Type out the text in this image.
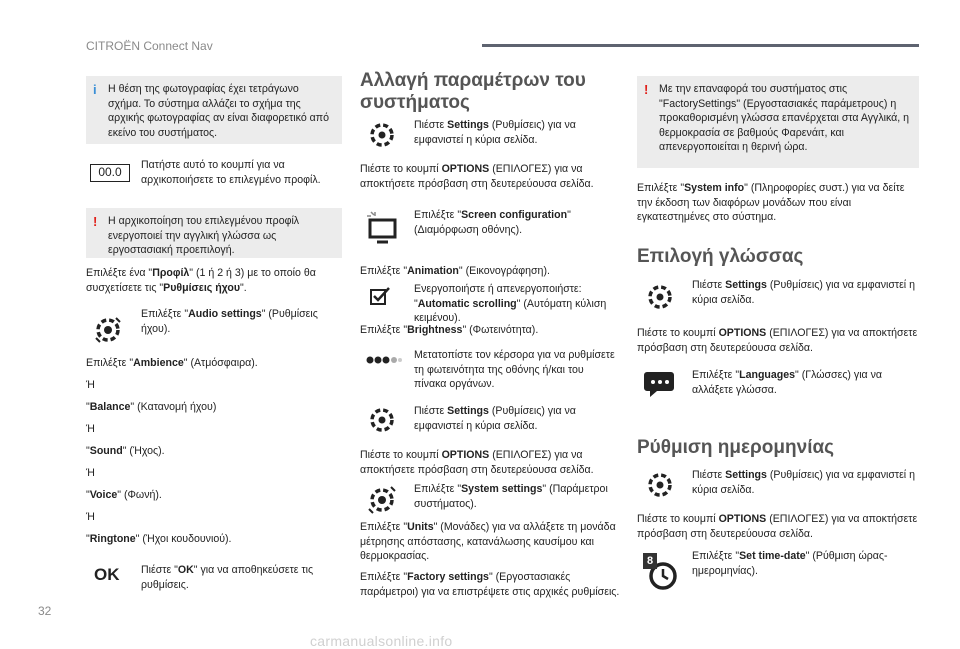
CITROËN Connect Nav
32
carmanualsonline.info
i Η θέση της φωτογραφίας έχει τετράγωνο σχήμα. Το σύστημα αλλάζει το σχήμα της αρχικής φωτογραφίας αν είναι διαφορετικό από εκείνο του συστήματος.
00.0	Πατήστε αυτό το κουμπί για να αρχικοποιήσετε το επιλεγμένο προφίλ.
! Η αρχικοποίηση του επιλεγμένου προφίλ ενεργοποιεί την αγγλική γλώσσα ως εργοστασιακή προεπιλογή.
Επιλέξτε ένα "Προφίλ" (1 ή 2 ή 3) με το οποίο θα συσχετίσετε τις "Ρυθμίσεις ήχου".
Επιλέξτε "Audio settings" (Ρυθμίσεις ήχου).
Επιλέξτε "Ambience" (Ατμόσφαιρα).
Ή
"Balance" (Κατανομή ήχου)
Ή
"Sound" (Ήχος).
Ή
"Voice" (Φωνή).
Ή
"Ringtone" (Ήχοι κουδουνιού).
OK Πιέστε "OK" για να αποθηκεύσετε τις ρυθμίσεις.
Αλλαγή παραμέτρων του συστήματος
Πιέστε Settings (Ρυθμίσεις) για να εμφανιστεί η κύρια σελίδα.
Πιέστε το κουμπί OPTIONS (ΕΠΙΛΟΓΕΣ) για να αποκτήσετε πρόσβαση στη δευτερεύουσα σελίδα.
Επιλέξτε "Screen configuration" (Διαμόρφωση οθόνης).
Επιλέξτε "Animation" (Εικονογράφηση).
Ενεργοποιήστε ή απενεργοποιήστε: "Automatic scrolling" (Αυτόματη κύλιση κειμένου).
Επιλέξτε "Brightness" (Φωτεινότητα).
Μετατοπίστε τον κέρσορα για να ρυθμίσετε τη φωτεινότητα της οθόνης ή/και του πίνακα οργάνων.
Πιέστε Settings (Ρυθμίσεις) για να εμφανιστεί η κύρια σελίδα.
Πιέστε το κουμπί OPTIONS (ΕΠΙΛΟΓΕΣ) για να αποκτήσετε πρόσβαση στη δευτερεύουσα σελίδα.
Επιλέξτε "System settings" (Παράμετροι συστήματος).
Επιλέξτε "Units" (Μονάδες) για να αλλάξετε τη μονάδα μέτρησης απόστασης, κατανάλωσης καυσίμου και θερμοκρασίας.
Επιλέξτε "Factory settings" (Εργοστασιακές παράμετροι) για να επιστρέψετε στις αρχικές ρυθμίσεις.
! Με την επαναφορά του συστήματος στις "FactorySettings" (Εργοστασιακές παράμετρους) η προκαθορισμένη γλώσσα επανέρχεται στα Αγγλικά, η θερμοκρασία σε βαθμούς Φαρενάιτ, και απενεργοποιείται η θερινή ώρα.
Επιλέξτε "System info" (Πληροφορίες συστ.) για να δείτε την έκδοση των διαφόρων μονάδων που είναι εγκατεστημένες στο σύστημα.
Επιλογή γλώσσας
Πιέστε Settings (Ρυθμίσεις) για να εμφανιστεί η κύρια σελίδα.
Πιέστε το κουμπί OPTIONS (ΕΠΙΛΟΓΕΣ) για να αποκτήσετε πρόσβαση στη δευτερεύουσα σελίδα.
Επιλέξτε "Languages" (Γλώσσες) για να αλλάξετε γλώσσα.
Ρύθμιση ημερομηνίας
Πιέστε Settings (Ρυθμίσεις) για να εμφανιστεί η κύρια σελίδα.
Πιέστε το κουμπί OPTIONS (ΕΠΙΛΟΓΕΣ) για να αποκτήσετε πρόσβαση στη δευτερεύουσα σελίδα.
8	Επιλέξτε "Set time-date" (Ρύθμιση ώρας-ημερομηνίας).
